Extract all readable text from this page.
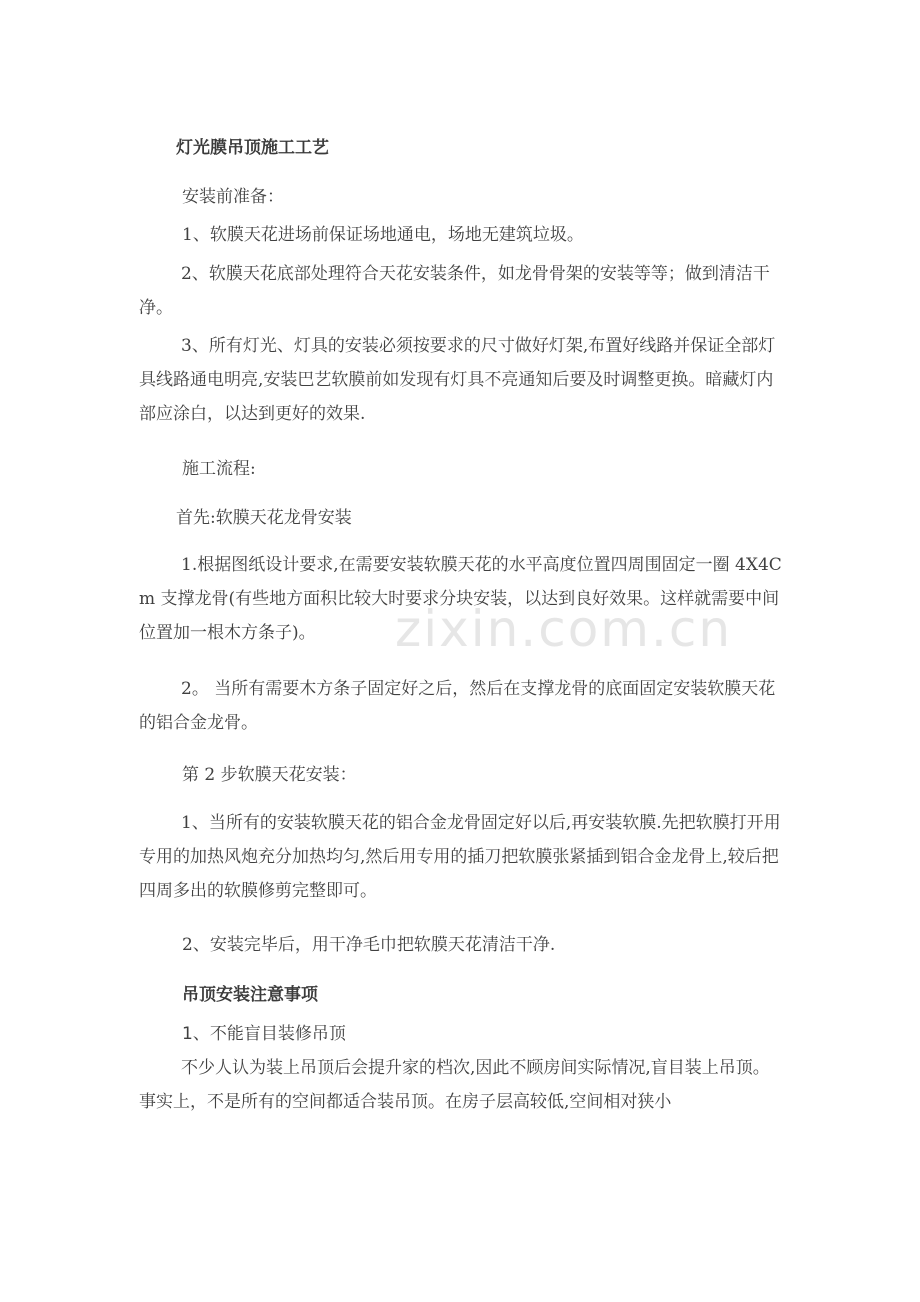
zixin.com.cn

灯光膜吊顶施工工艺

安装前准备：

1、软膜天花进场前保证场地通电，场地无建筑垃圾。

2、软膜天花底部处理符合天花安装条件，如龙骨骨架的安装等等；做到清洁干净。

3、所有灯光、灯具的安装必须按要求的尺寸做好灯架,布置好线路并保证全部灯具线路通电明亮,安装巴艺软膜前如发现有灯具不亮通知后要及时调整更换。暗藏灯内部应涂白，以达到更好的效果.

施工流程:

首先:软膜天花龙骨安装

1.根据图纸设计要求,在需要安装软膜天花的水平高度位置四周围固定一圈 4X4Cm 支撑龙骨(有些地方面积比较大时要求分块安装，以达到良好效果。这样就需要中间位置加一根木方条子)。

2。 当所有需要木方条子固定好之后，然后在支撑龙骨的底面固定安装软膜天花的铝合金龙骨。

第 2 步软膜天花安装：

1、当所有的安装软膜天花的铝合金龙骨固定好以后,再安装软膜.先把软膜打开用专用的加热风炮充分加热均匀,然后用专用的插刀把软膜张紧插到铝合金龙骨上,较后把四周多出的软膜修剪完整即可。

2、安装完毕后，用干净毛巾把软膜天花清洁干净.

吊顶安装注意事项

1、不能盲目装修吊顶

不少人认为装上吊顶后会提升家的档次,因此不顾房间实际情况,盲目装上吊顶。事实上，不是所有的空间都适合装吊顶。在房子层高较低,空间相对狭小
